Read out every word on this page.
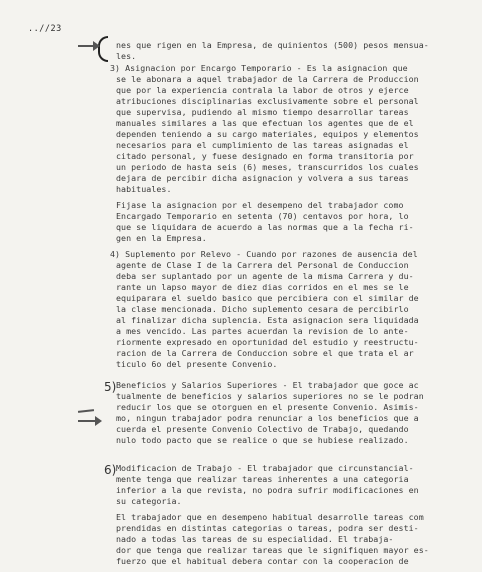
..//23
5)
6)
nes que rigen en la Empresa, de quinientos (500) pesos mensua-
les.
3) Asignacion por Encargo Temporario - Es la asignacion que
se le abonara a aquel trabajador de la Carrera de Produccion
que por la experiencia contrala la labor de otros y ejerce
atribuciones disciplinarias exclusivamente sobre el personal
que supervisa, pudiendo al mismo tiempo desarrollar tareas
manuales similares a las que efectuan los agentes que de el
dependen teniendo a su cargo materiales, equipos y elementos
necesarios para el cumplimiento de las tareas asignadas el
citado personal, y fuese designado en forma transitoria por
un periodo de hasta seis (6) meses, transcurridos los cuales
dejara de percibir dicha asignacion y volvera a sus tareas
habituales.
Fijase la asignacion por el desempeno del trabajador como
Encargado Temporario en setenta (70) centavos por hora, lo
que se liquidara de acuerdo a las normas que a la fecha ri-
gen en la Empresa.
4) Suplemento por Relevo - Cuando por razones de ausencia del
agente de Clase I de la Carrera del Personal de Conduccion
deba ser suplantado por un agente de la misma Carrera y du-
rante un lapso mayor de diez dias corridos en el mes se le
equiparara el sueldo basico que percibiera con el similar de
la clase mencionada. Dicho suplemento cesara de percibirlo
al finalizar dicha suplencia. Esta asignacion sera liquidada
a mes vencido. Las partes acuerdan la revision de lo ante-
riormente expresado en oportunidad del estudio y reestructu-
racion de la Carrera de Conduccion sobre el que trata el ar
ticulo 6o del presente Convenio.
Beneficios y Salarios Superiores - El trabajador que goce ac
tualmente de beneficios y salarios superiores no se le podran
reducir los que se otorguen en el presente Convenio. Asimis-
mo, ningun trabajador podra renunciar a los beneficios que a
cuerda el presente Convenio Colectivo de Trabajo, quedando
nulo todo pacto que se realice o que se hubiese realizado.
Modificacion de Trabajo - El trabajador que circunstancial-
mente tenga que realizar tareas inherentes a una categoria
inferior a la que revista, no podra sufrir modificaciones en
su categoria.
El trabajador que en desempeno habitual desarrolle tareas com
prendidas en distintas categorias o tareas, podra ser desti-
nado a todas las tareas de su especialidad. El trabaja-
dor que tenga que realizar tareas que le signifiquen mayor es-
fuerzo que el habitual debera contar con la cooperacion de
